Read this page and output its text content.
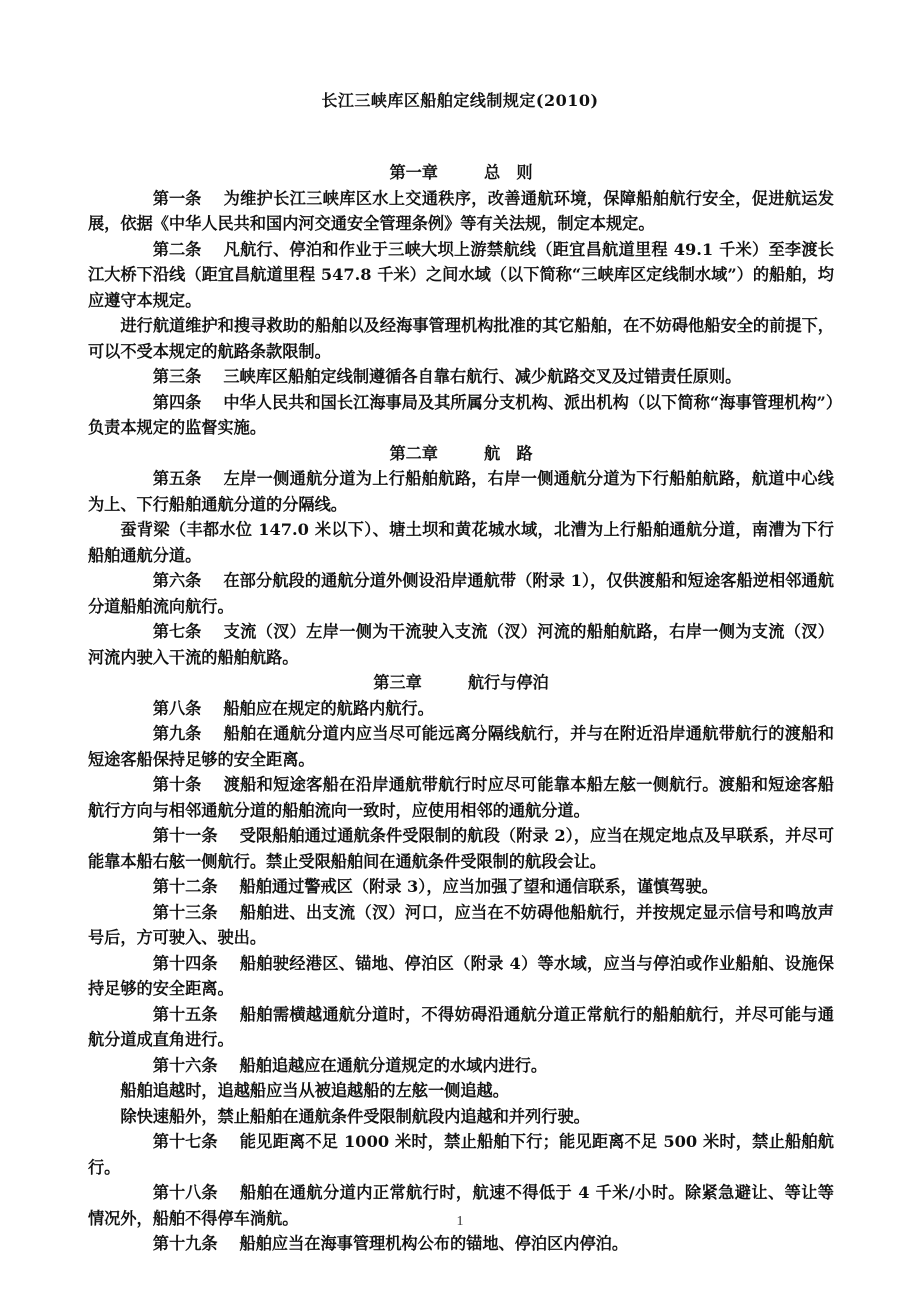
长江三峡库区船舶定线制规定(2010)
第一章	总　则

第一条 为维护长江三峡库区水上交通秩序，改善通航环境，保障船舶航行安全，促进航运发展，依据《中华人民共和国内河交通安全管理条例》等有关法规，制定本规定。

第二条 凡航行、停泊和作业于三峡大坝上游禁航线（距宜昌航道里程 49.1 千米）至李渡长江大桥下沿线（距宜昌航道里程 547.8 千米）之间水域（以下简称“三峡库区定线制水域”）的船舶，均应遵守本规定。

进行航道维护和搜寻救助的船舶以及经海事管理机构批准的其它船舶，在不妨碍他船安全的前提下，可以不受本规定的航路条款限制。

第三条 三峡库区船舶定线制遵循各自靠右航行、减少航路交叉及过错责任原则。

第四条 中华人民共和国长江海事局及其所属分支机构、派出机构（以下简称“海事管理机构”）负责本规定的监督实施。

第二章	航　路

第五条 左岸一侧通航分道为上行船舶航路，右岸一侧通航分道为下行船舶航路，航道中心线为上、下行船舶通航分道的分隔线。

蚕背梁（丰都水位 147.0 米以下）、塘土坝和黄花城水域，北漕为上行船舶通航分道，南漕为下行船舶通航分道。

第六条 在部分航段的通航分道外侧设沿岸通航带（附录 1），仅供渡船和短途客船逆相邻通航分道船舶流向航行。

第七条 支流（汊）左岸一侧为干流驶入支流（汊）河流的船舶航路，右岸一侧为支流（汊）河流内驶入干流的船舶航路。

第三章	航行与停泊

第八条 船舶应在规定的航路内航行。

第九条 船舶在通航分道内应当尽可能远离分隔线航行，并与在附近沿岸通航带航行的渡船和短途客船保持足够的安全距离。

第十条 渡船和短途客船在沿岸通航带航行时应尽可能靠本船左舷一侧航行。渡船和短途客船航行方向与相邻通航分道的船舶流向一致时，应使用相邻的通航分道。

第十一条 受限船舶通过通航条件受限制的航段（附录 2），应当在规定地点及早联系，并尽可能靠本船右舷一侧航行。禁止受限船舶间在通航条件受限制的航段会让。

第十二条 船舶通过警戒区（附录 3），应当加强了望和通信联系，谨慎驾驶。

第十三条 船舶进、出支流（汊）河口，应当在不妨碍他船航行，并按规定显示信号和鸣放声号后，方可驶入、驶出。

第十四条 船舶驶经港区、锚地、停泊区（附录 4）等水域，应当与停泊或作业船舶、设施保持足够的安全距离。

第十五条 船舶需横越通航分道时，不得妨碍沿通航分道正常航行的船舶航行，并尽可能与通航分道成直角进行。

第十六条 船舶追越应在通航分道规定的水域内进行。

船舶追越时，追越船应当从被追越船的左舷一侧追越。

除快速船外，禁止船舶在通航条件受限制航段内追越和并列行驶。

第十七条 能见距离不足 1000 米时，禁止船舶下行；能见距离不足 500 米时，禁止船舶航行。

第十八条 船舶在通航分道内正常航行时，航速不得低于 4 千米/小时。除紧急避让、等让等情况外，船舶不得停车淌航。

第十九条 船舶应当在海事管理机构公布的锚地、停泊区内停泊。

1
